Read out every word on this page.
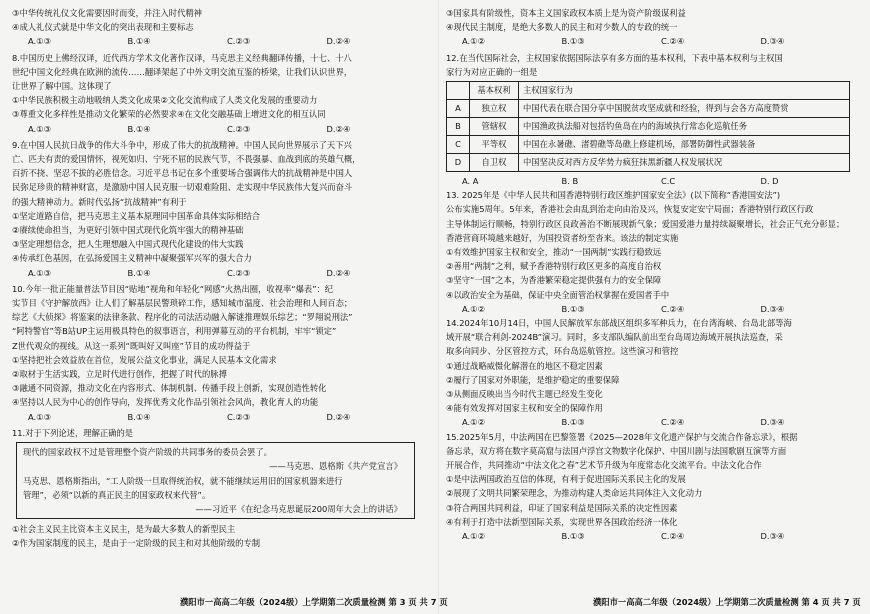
③中华传统礼仪文化需要因时而变，并注入时代精神
④成人礼仪式就是中华文化的突出表现和主要标志
A.①③	B.①④	C.②③	D.②④
8.中国历史上佛经汉译，近代西方学术文化著作汉译，马克思主义经典翻译传播，十七、十八
世纪中国文化经典在欧洲的流传……翻译架起了中外文明交流互鉴的桥梁，让我们认识世界，
让世界了解中国。这体现了
①中华民族积极主动地吸纳人类文化成果②文化交流构成了人类文化发展的重要动力
③尊重文化多样性是推动文化繁荣的必然要求④在文化交融基础上增进文化的相互认同
A.①③	B.①④	C.②③	D.②④
9.在中国人民抗日战争的伟大斗争中，形成了伟大的抗战精神。中国人民向世界展示了天下兴
亡、匹夫有责的爱国情怀，视死如归、宁死不屈的民族气节，不畏强暴、血战到底的英雄气概，
百折不挠、坚忍不拔的必胜信念。习近平总书记在多个重要场合强调伟大的抗战精神是中国人
民弥足珍贵的精神财富，是激励中国人民克服一切艰难险阻、走实现中华民族伟大复兴而奋斗
的强大精神动力。新时代弘扬“抗战精神”有利于
①坚定道路自信，把马克思主义基本原理同中国革命具体实际相结合
②赓续使命担当，为更好引领中国式现代化筑牢强大的精神基础
③坚定理想信念，把人生理想融入中国式现代化建设的伟大实践
④传承红色基因，在弘扬爱国主义精神中凝聚强军兴军的强大合力
A.①③	B.①④	C.②③	D.②④
10.今年一批正能量普法节目因“贴地”视角和年轻化“网感”火热出圈，收视率“爆表”：纪
实节目《守护解放西》让人们了解基层民警琐碎工作，感知城市温度、社会治理和人间百态；
综艺《大侦探》将鉴案的法律条款、程序化的司法活动融入解谜推理娱乐综艺；“罗翔说刑法”
“阿特警官”等B站UP主运用极具特色的叙事语言，利用弹幕互动的平台机制，牢牢“锁定”
Z世代观众的视线。从这一系列“既叫好又叫座”节目的成功得益于
①坚持把社会效益放在首位，发展公益文化事业，满足人民基本文化需求
②取材于生活实践，立足时代进行创作，把握了时代的脉搏
③融通不同资源，推动文化在内容形式、体制机制、传播手段上创新，实现创造性转化
④坚持以人民为中心的创作导向，发挥优秀文化作品引领社会风尚，教化育人的功能
A.①③	B.①④	C.②③	D.②④
11.对于下列论述，理解正确的是
现代的国家政权不过是管理整个资产阶级的共同事务的委员会罢了。
——马克思、恩格斯《共产党宣言》
马克思、恩格斯指出，“工人阶级一旦取得统治权，就不能继续运用旧的国家机器来进行
管理”，必须“以新的真正民主的国家政权来代替”。
——习近平《在纪念马克思诞辰200周年大会上的讲话》
①社会主义民主比资本主义民主，是为最大多数人的新型民主
②作为国家制度的民主，是由于一定阶级的民主和对其他阶级的专制
③国家具有阶级性，资本主义国家政权本质上是为资产阶级谋利益
④现代民主制度，是绝大多数人的民主和对少数人的专政的统一
A.①②	B.①③	C.②④	D.③④
12.在当代国际社会，主权国家依据国际法享有多方面的基本权利，下表中基本权利与主权国
家行为对应正确的一组是
	基本权利	主权国家行为
A	独立权	中国代表在联合国分享中国脱贫攻坚成就和经验，得到与会各方高度赞赏
B	管辖权	中国渔政执法船对包括钓鱼岛在内的海域执行常态化巡航任务
C	平等权	中国在永暑礁、渚碧礁等岛礁上修建机场，部署防御性武器装备
D	自卫权	中国坚决反对西方反华势力疯狂抹黑新疆人权发展状况
A. A	B. B	C.C	D. D
13. 2025年是《中华人民共和国香港特别行政区维护国家安全法》(以下简称“香港国安法”)
公布实施5周年。5年来，香港社会由乱到治走向由治及兴，恢复安定安宁局面；香港特别行政区行政
主导体制运行顺畅，特别行政区良政善治不断展现新气象；爱国爱港力量持续凝聚增长，社会正气充分彰显；
香港营商环境越来越好，为国投资者纷至沓来。该法的制定实施
①有效维护国家主权和安全，推动“一国两制”实践行稳致远
②善用“两制”之利，赋予香港特别行政区更多的高度自治权
③坚守“一国”之本，为香港繁荣稳定提供强有力的安全保障
④以政治安全为基础，保证中央全面管治权掌握在爱国者手中
A.①②	B.①③	C.②④	D.③④
14.2024年10月14日，中国人民解放军东部战区组织多军种兵力，在台湾海峡、台岛北部等海
域开展“联合利剑-2024B”演习。同时，多支部队编队前出至台岛周边海域开展执法巡查，采
取多向同步、分区管控方式，环台岛巡航管控。这些演习和管控
①通过战略威慑化解潜在的地区不稳定因素
②履行了国家对外职能，是维护稳定的重要保障
③从侧面反映出当今时代主题已经发生变化
④能有效发挥对国家主权和安全的保障作用
A.①②	B.①③	C.②④	D.③④
15.2025年5月，中法两国在巴黎签署《2025—2028年文化遗产保护与交流合作备忘录》，根据
备忘录，双方将在数字莫高窟与法国卢浮宫文物数字化保护、中国川剧与法国歌剧互演等方面
开展合作，共同推动“中法文化之春”艺术节升级为年度常态化交流平台。中法文化合作
①是中法两国政治互信的体现，有利于促进国际关系民主化的发展
②展现了文明共同繁荣理念，为推动构建人类命运共同体注入文化动力
③符合两国共同利益，印证了国家利益是国际关系的决定性因素
④有利于打造中法新型国际关系，实现世界各国政治经济一体化
A.①②	B.①③	C.②④	D.③④
濮阳市一高高二年级（2024级）上学期第二次质量检测 第 3 页 共 7 页	濮阳市一高高二年级（2024级）上学期第二次质量检测 第 4 页 共 7 页
